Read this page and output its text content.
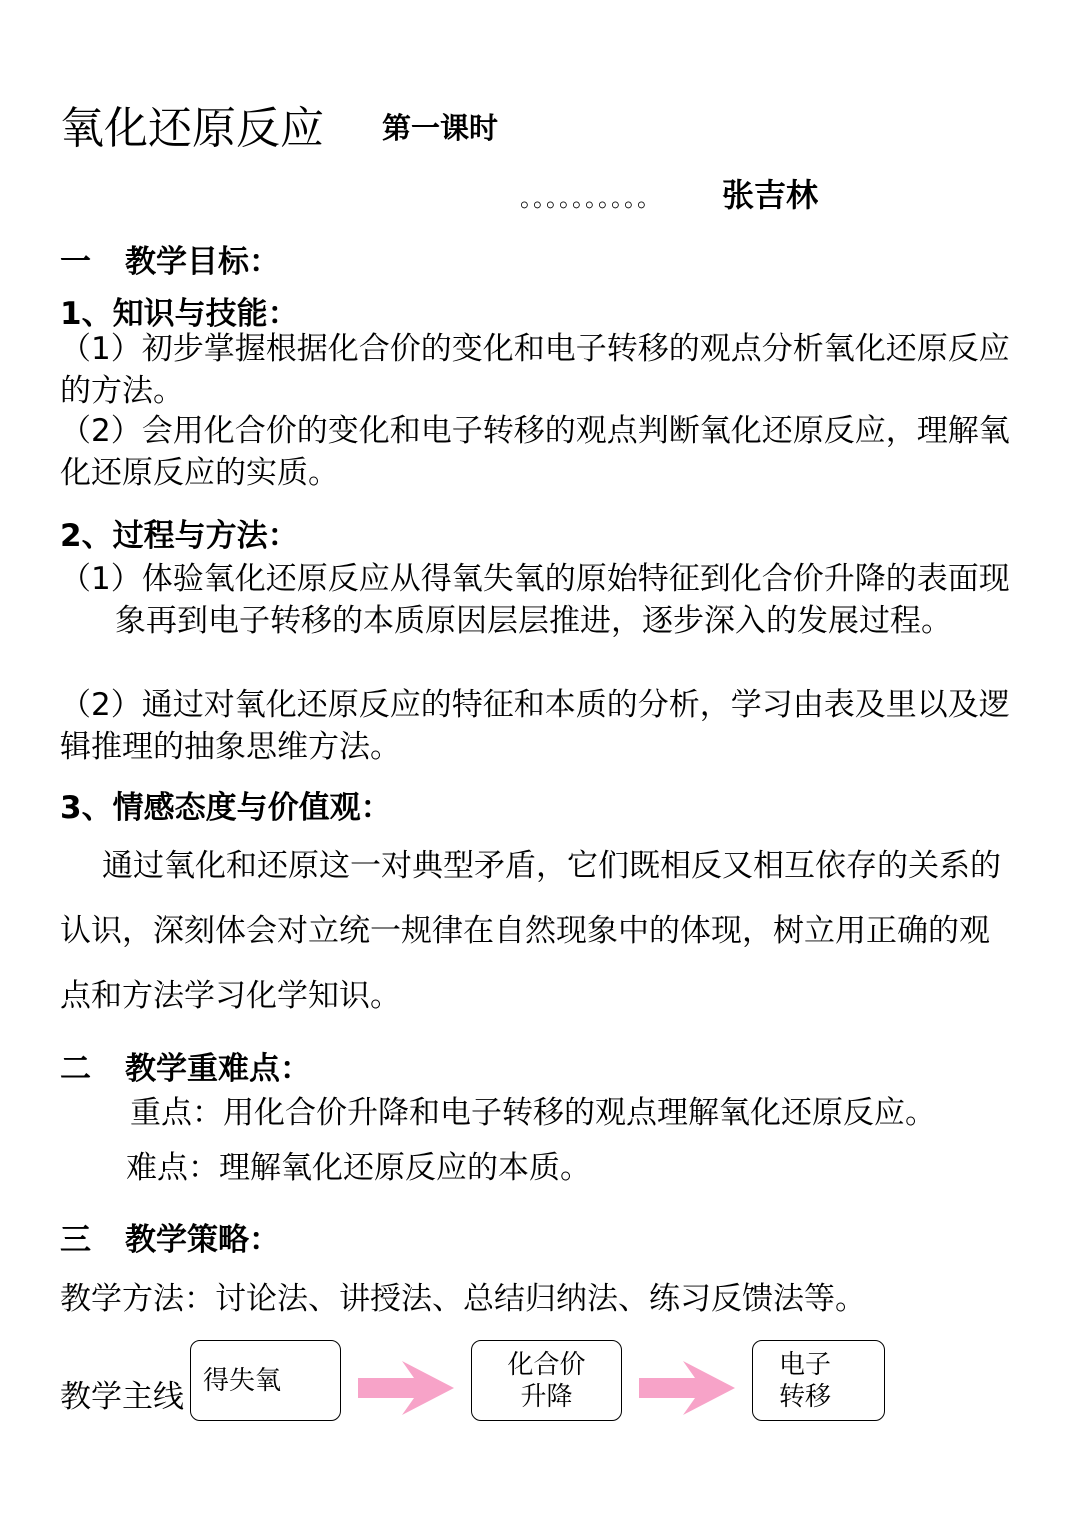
氧化还原反应 第一课时
。。。。。。。。。。 张吉林
一 教学目标：
1、知识与技能：
（1）初步掌握根据化合价的变化和电子转移的观点分析氧化还原反应的方法。
（2）会用化合价的变化和电子转移的观点判断氧化还原反应，理解氧化还原反应的实质。
2、过程与方法：
（1）体验氧化还原反应从得氧失氧的原始特征到化合价升降的表面现象再到电子转移的本质原因层层推进，逐步深入的发展过程。
（2）通过对氧化还原反应的特征和本质的分析，学习由表及里以及逻辑推理的抽象思维方法。
3、情感态度与价值观：
通过氧化和还原这一对典型矛盾，它们既相反又相互依存的关系的认识，深刻体会对立统一规律在自然现象中的体现，树立用正确的观点和方法学习化学知识。
二 教学重难点：
重点：用化合价升降和电子转移的观点理解氧化还原反应。
难点：理解氧化还原反应的本质。
三 教学策略：
教学方法：讨论法、讲授法、总结归纳法、练习反馈法等。
教学主线 得失氧
化合价
升降
电子
转移
